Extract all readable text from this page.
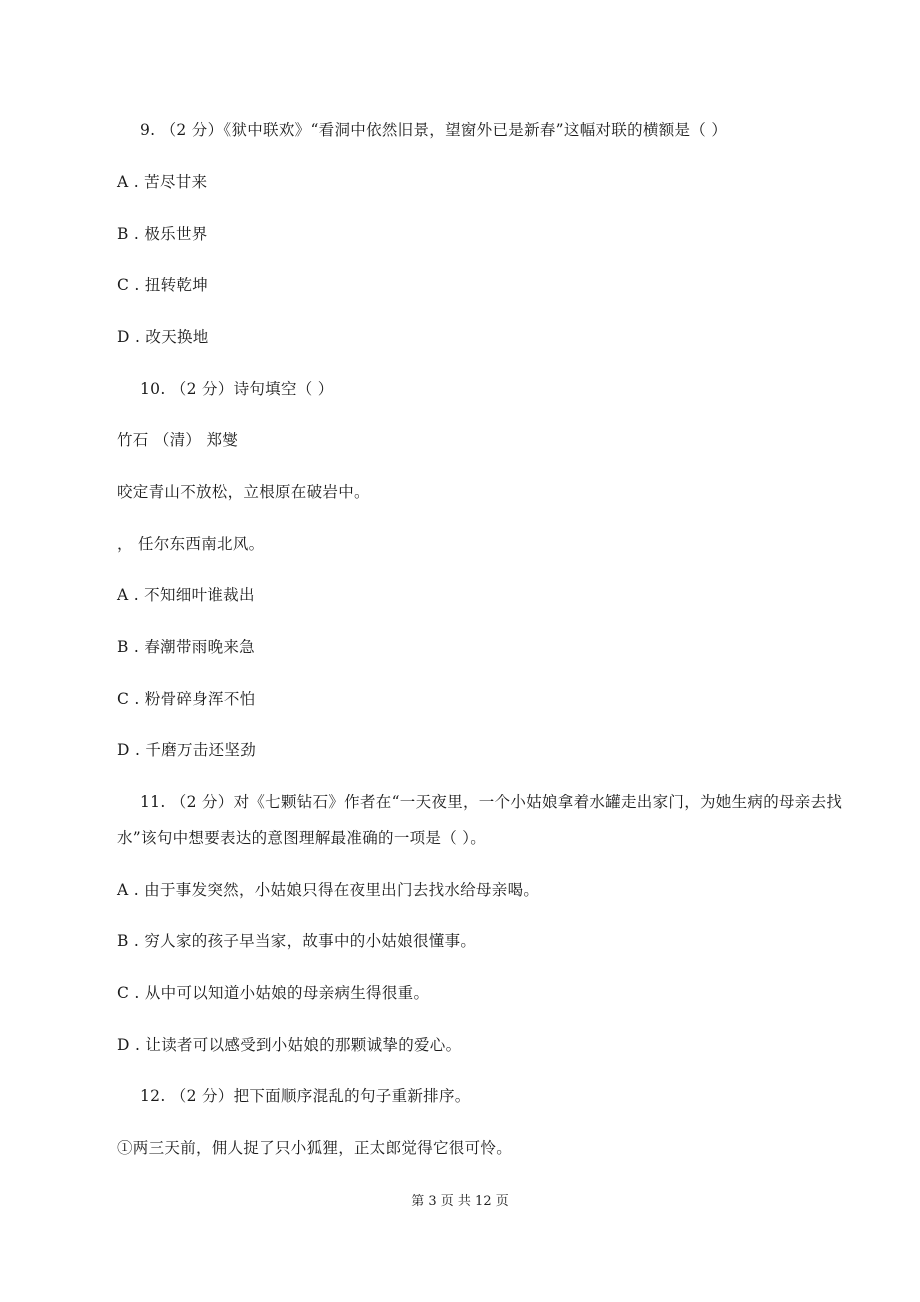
9. （2 分）《狱中联欢》“看洞中依然旧景，望窗外已是新春”这幅对联的横额是（ ）
A . 苦尽甘来
B . 极乐世界
C . 扭转乾坤
D . 改天换地
10. （2 分）诗句填空（ ）
竹石 （清） 郑燮
咬定青山不放松，立根原在破岩中。
， 任尔东西南北风。
A . 不知细叶谁裁出
B . 春潮带雨晚来急
C . 粉骨碎身浑不怕
D . 千磨万击还坚劲
11. （2 分）对《七颗钻石》作者在“一天夜里，一个小姑娘拿着水罐走出家门，为她生病的母亲去找
水”该句中想要表达的意图理解最准确的一项是（ ）。
A . 由于事发突然，小姑娘只得在夜里出门去找水给母亲喝。
B . 穷人家的孩子早当家，故事中的小姑娘很懂事。
C . 从中可以知道小姑娘的母亲病生得很重。
D . 让读者可以感受到小姑娘的那颗诚挚的爱心。
12. （2 分）把下面顺序混乱的句子重新排序。
①两三天前，佣人捉了只小狐狸，正太郎觉得它很可怜。
第 3 页 共 12 页
